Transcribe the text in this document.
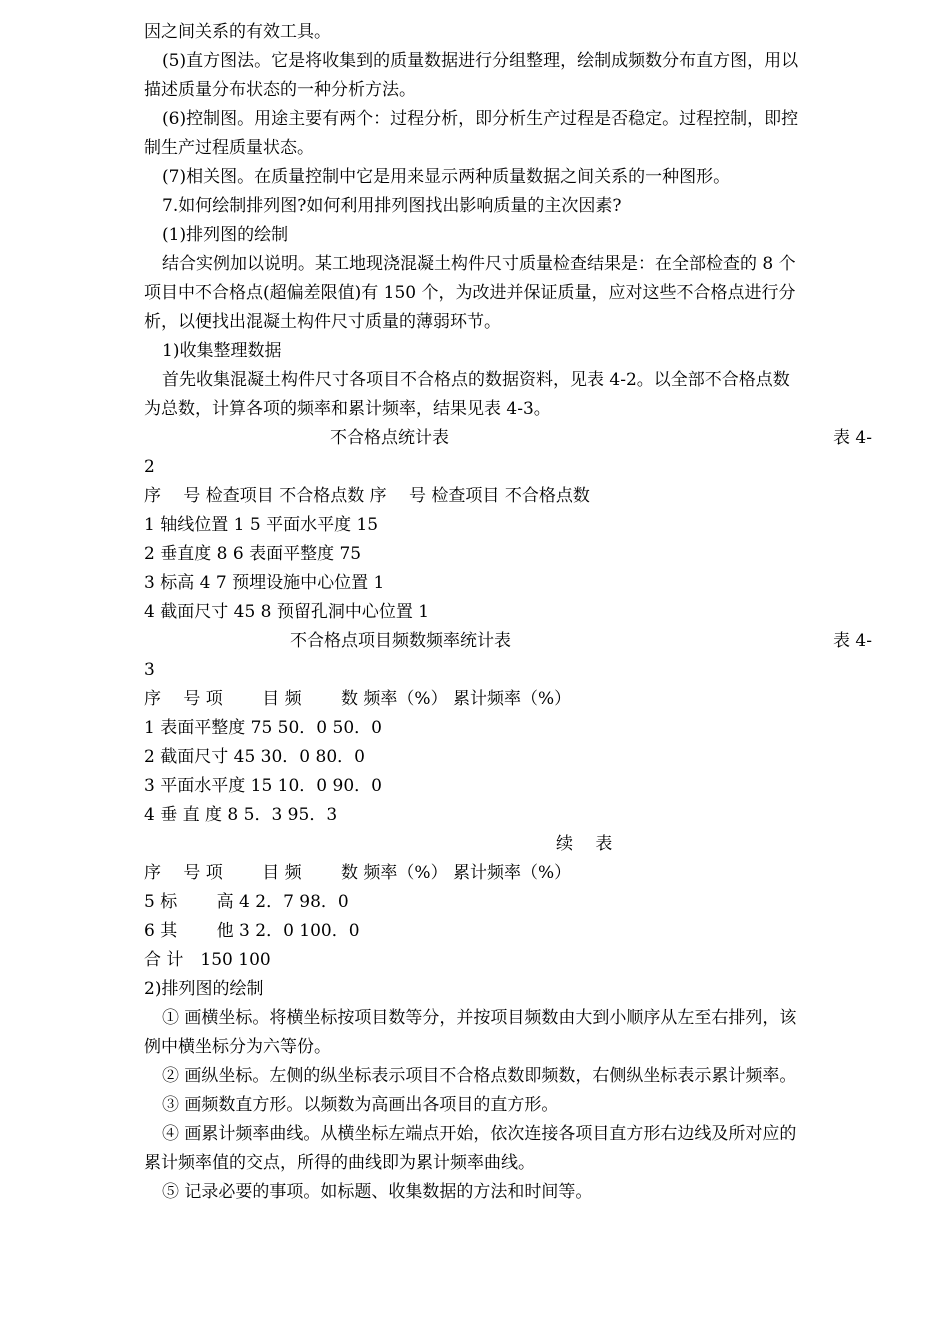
因之间关系的有效工具。
(5)直方图法。它是将收集到的质量数据进行分组整理，绘制成频数分布直方图，用以
描述质量分布状态的一种分析方法。
(6)控制图。用途主要有两个：过程分析，即分析生产过程是否稳定。过程控制，即控
制生产过程质量状态。
(7)相关图。在质量控制中它是用来显示两种质量数据之间关系的一种图形。
7.如何绘制排列图?如何利用排列图找出影响质量的主次因素?
(1)排列图的绘制
结合实例加以说明。某工地现浇混凝土构件尺寸质量检查结果是：在全部检查的 8 个
项目中不合格点(超偏差限值)有 150 个，为改进并保证质量，应对这些不合格点进行分
析，以便找出混凝土构件尺寸质量的薄弱环节。
1)收集整理数据
首先收集混凝土构件尺寸各项目不合格点的数据资料，见表 4-2。以全部不合格点数
为总数，计算各项的频率和累计频率，结果见表 4-3。
不合格点统计表	表 4-
2
序　 号 检查项目 不合格点数 序　 号 检查项目 不合格点数
1 轴线位置 1 5 平面水平度 15
2 垂直度 8 6 表面平整度 75
3 标高 4 7 预埋设施中心位置 1
4 截面尺寸 45 8 预留孔洞中心位置 1
不合格点项目频数频率统计表	表 4-
3
序　 号 项　　 目 频　　 数 频率（%） 累计频率（%）
1 表面平整度 75 50．0 50．0
2 截面尺寸 45 30．0 80．0
3 平面水平度 15 10．0 90．0
4 垂 直 度 8 5．3 95．3
续　 表
序　 号 项　　 目 频　　 数 频率（%） 累计频率（%）
5 标　　 高 4 2．7 98．0
6 其　　 他 3 2．0 100．0
合 计　150 100
2)排列图的绘制
① 画横坐标。将横坐标按项目数等分，并按项目频数由大到小顺序从左至右排列，该
例中横坐标分为六等份。
② 画纵坐标。左侧的纵坐标表示项目不合格点数即频数，右侧纵坐标表示累计频率。
③ 画频数直方形。以频数为高画出各项目的直方形。
④ 画累计频率曲线。从横坐标左端点开始，依次连接各项目直方形右边线及所对应的
累计频率值的交点，所得的曲线即为累计频率曲线。
⑤ 记录必要的事项。如标题、收集数据的方法和时间等。
